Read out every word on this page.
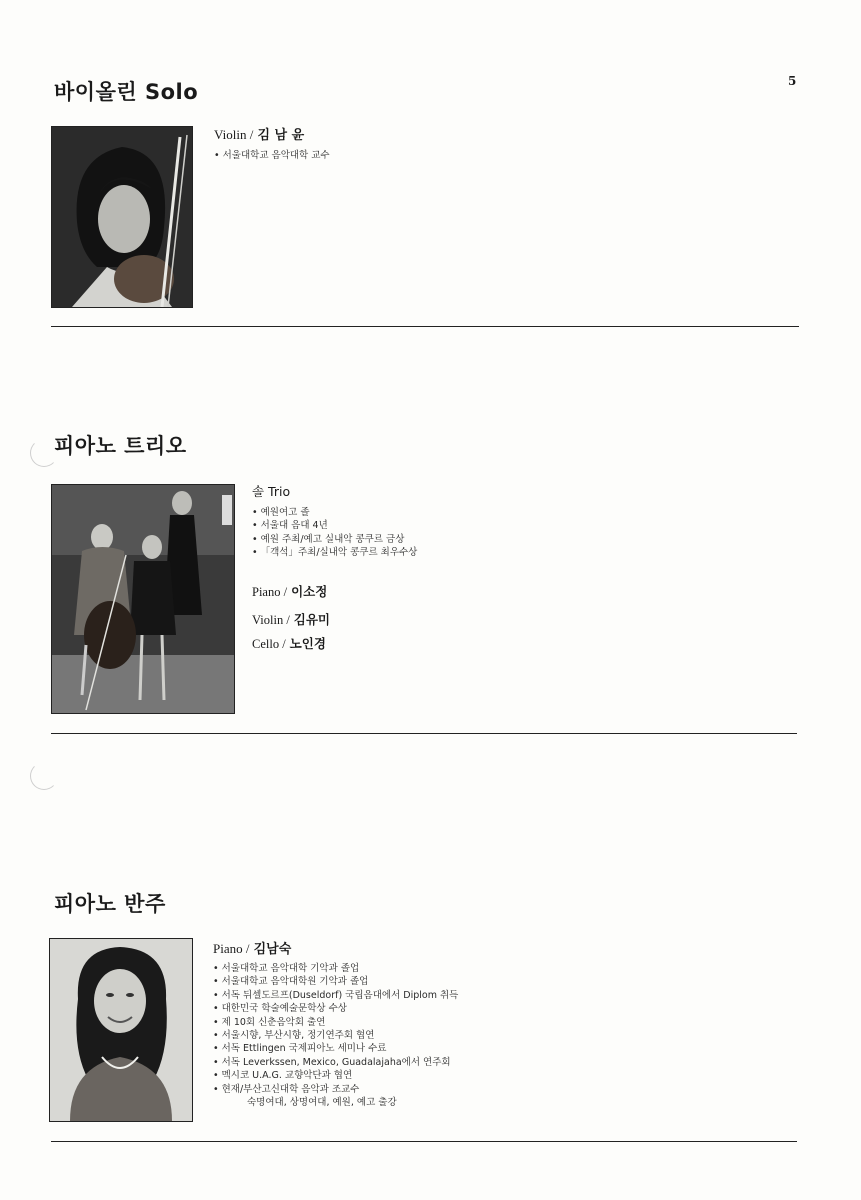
5
바이올린 Solo
Violin / 김 남 윤
• 서울대학교 음악대학 교수
피아노 트리오
솔 Trio
• 예원여고 졸
• 서울대 음대 4년
• 예원 주최/예고 실내악 콩쿠르 금상
• 「객석」주최/실내악 콩쿠르 최우수상
Piano / 이소정
Violin / 김유미
Cello / 노인경
피아노 반주
Piano / 김남숙
• 서울대학교 음악대학 기악과 졸업
• 서울대학교 음악대학원 기악과 졸업
• 서독 뒤셀도르프(Duseldorf) 국립음대에서 Diplom 취득
• 대한민국 학술예술문학상 수상
• 제 10회 신춘음악회 출연
• 서울시향, 부산시향, 정기연주회 협연
• 서독 Ettlingen 국제피아노 세미나 수료
• 서독 Leverkssen, Mexico, Guadalajaha에서 연주회
• 멕시코 U.A.G. 교향악단과 협연
• 현재/부산고신대학 음악과 조교수
숙명여대, 상명여대, 예원, 예고 출강
